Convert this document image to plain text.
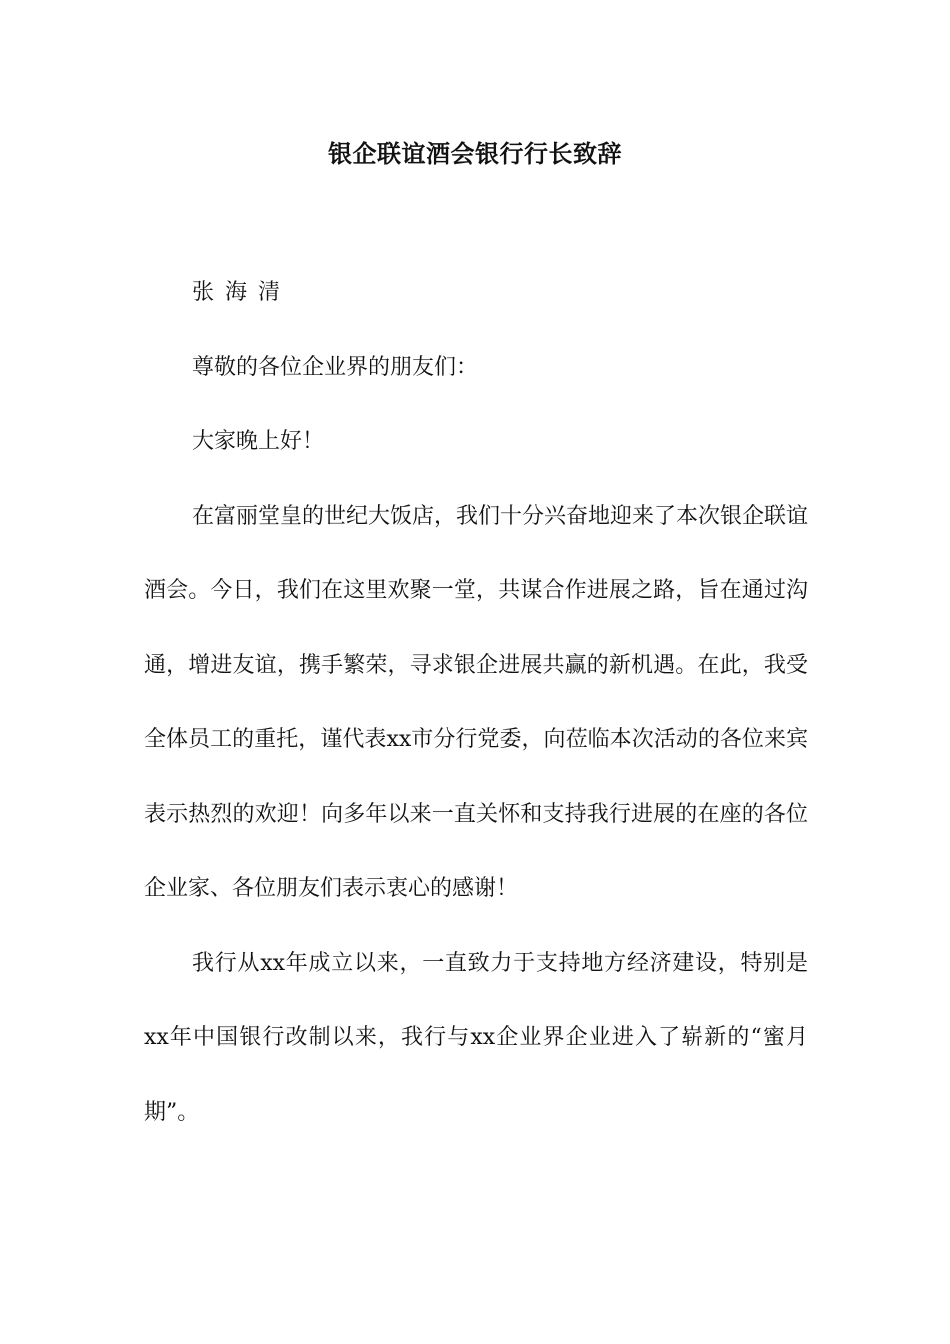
银企联谊酒会银行行长致辞

张海清

尊敬的各位企业界的朋友们：

大家晚上好！

在富丽堂皇的世纪大饭店，我们十分兴奋地迎来了本次银企联谊酒会。今日，我们在这里欢聚一堂，共谋合作进展之路，旨在通过沟通，增进友谊，携手繁荣，寻求银企进展共赢的新机遇。在此，我受全体员工的重托，谨代表xx市分行党委，向莅临本次活动的各位来宾表示热烈的欢迎！向多年以来一直关怀和支持我行进展的在座的各位企业家、各位朋友们表示衷心的感谢！

我行从xx年成立以来，一直致力于支持地方经济建设，特别是xx年中国银行改制以来，我行与xx企业界企业进入了崭新的“蜜月期”。
